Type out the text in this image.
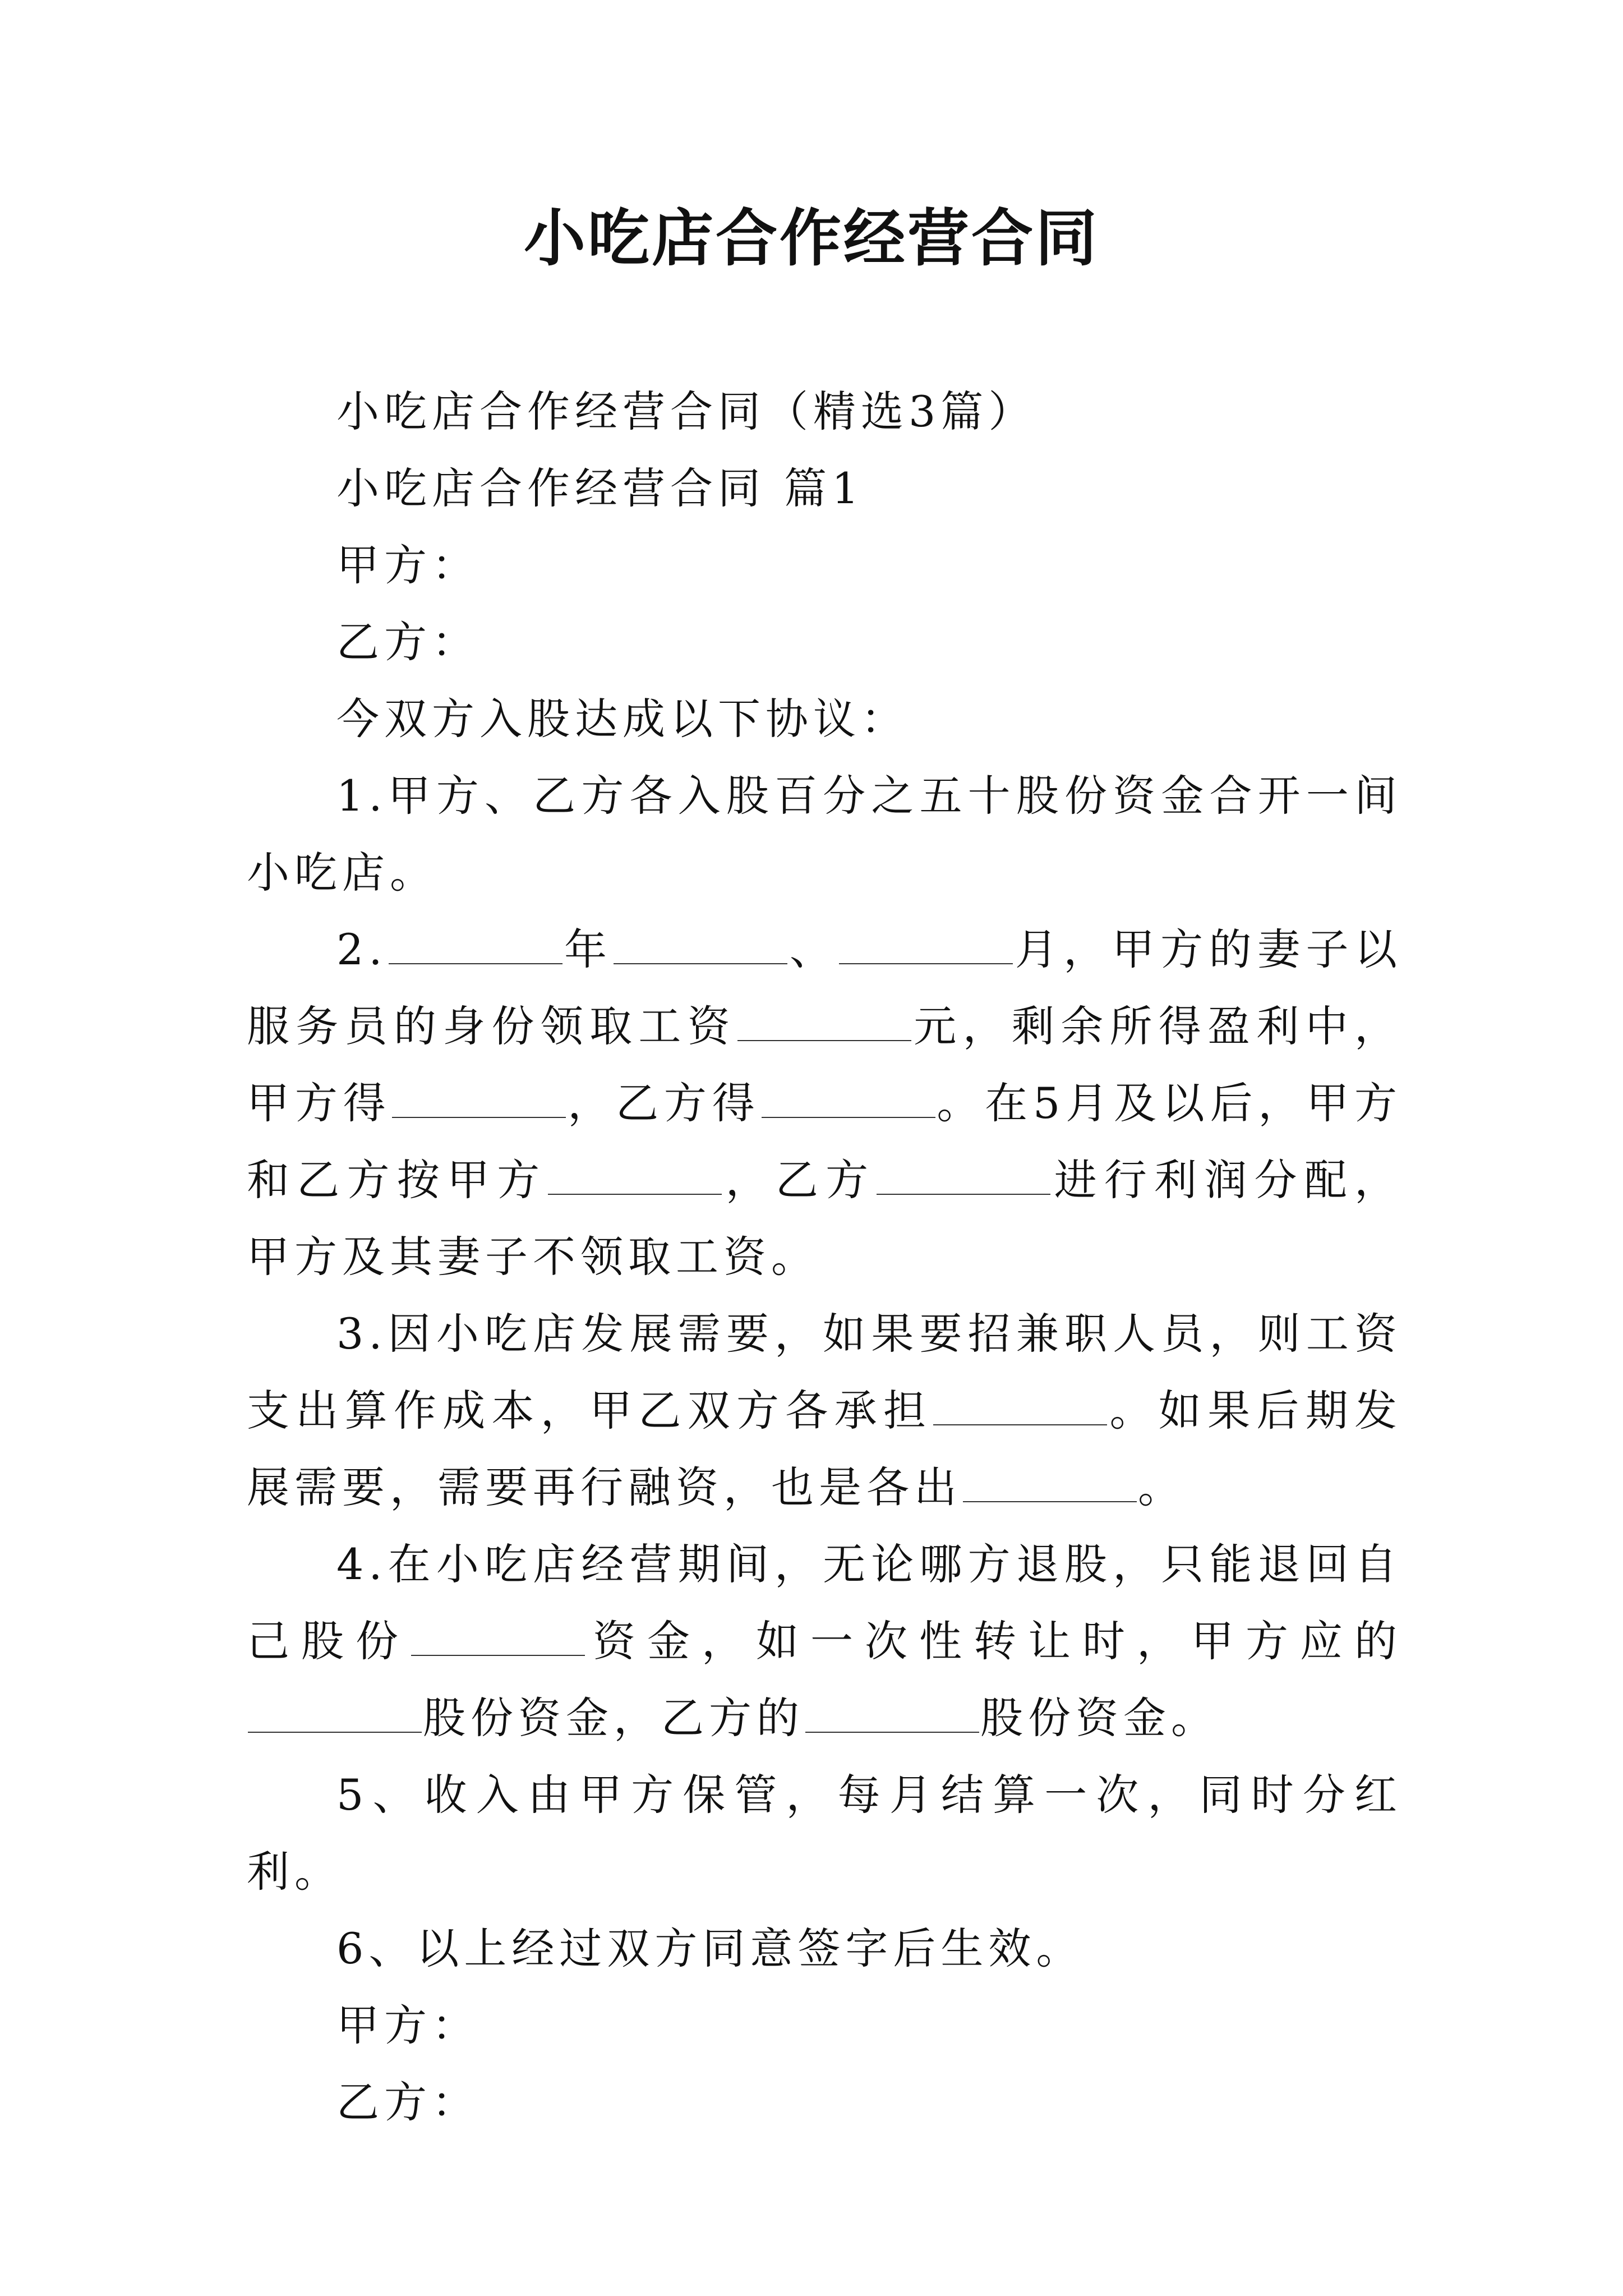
小吃店合作经营合同

小吃店合作经营合同（精选3篇）

小吃店合作经营合同 篇1

甲方：

乙方：

今双方入股达成以下协议：

1.甲方、乙方各入股百分之五十股份资金合开一间小吃店。

2.	年	、	月，甲方的妻子以服务员的身份领取工资	元，剩余所得盈利中，甲方得	，乙方得	。在5月及以后，甲方和乙方按甲方	，乙方	进行利润分配，甲方及其妻子不领取工资。

3.因小吃店发展需要，如果要招兼职人员，则工资支出算作成本，甲乙双方各承担	。如果后期发展需要，需要再行融资，也是各出	。

4.在小吃店经营期间，无论哪方退股，只能退回自己股份	资金，如一次性转让时，甲方应的股份资金，乙方的	股份资金。

5、收入由甲方保管，每月结算一次，同时分红利。

6、以上经过双方同意签字后生效。

甲方：

乙方：
